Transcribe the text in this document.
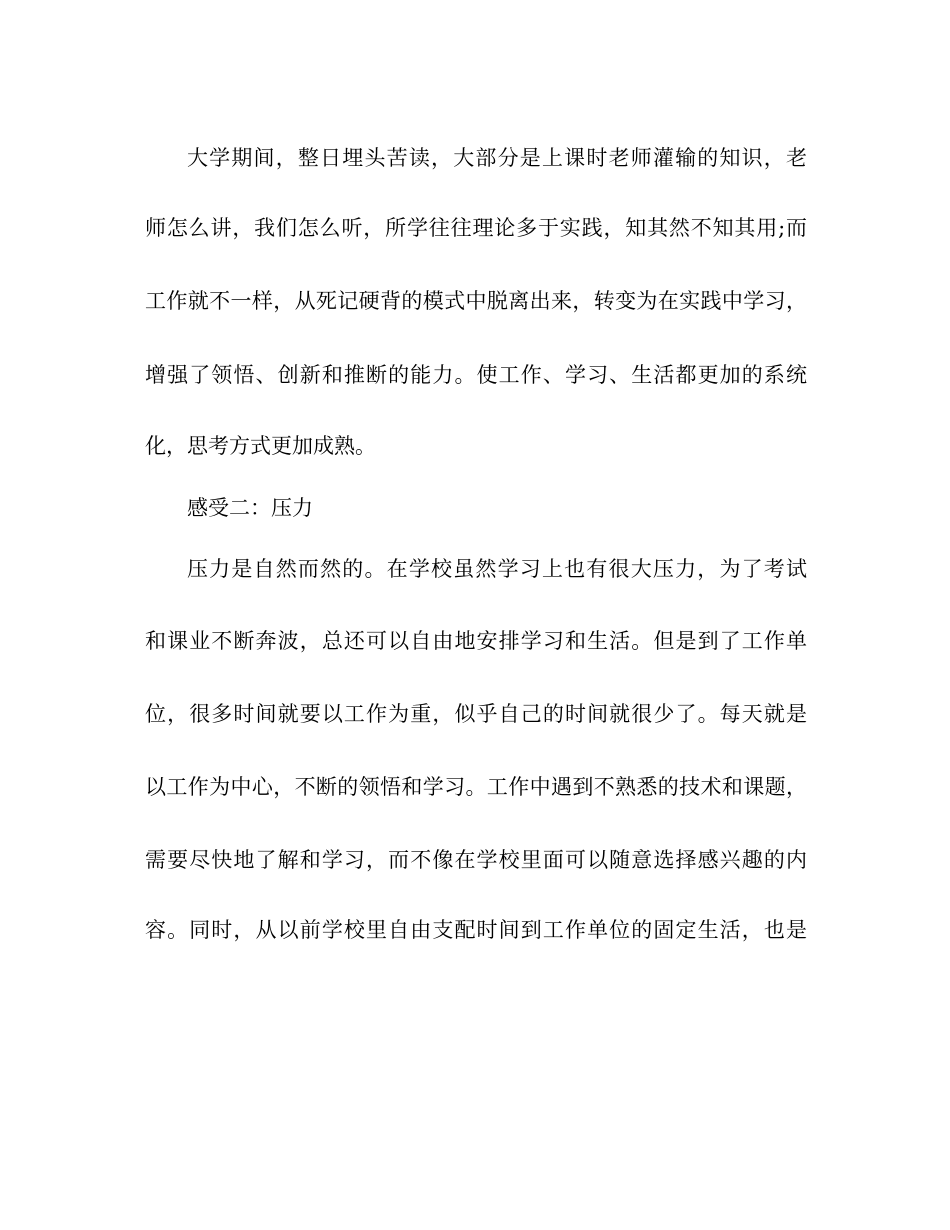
大学期间，整日埋头苦读，大部分是上课时老师灌输的知识，老
师怎么讲，我们怎么听，所学往往理论多于实践，知其然不知其用;而
工作就不一样，从死记硬背的模式中脱离出来，转变为在实践中学习，
增强了领悟、创新和推断的能力。使工作、学习、生活都更加的系统
化，思考方式更加成熟。
感受二：压力
压力是自然而然的。在学校虽然学习上也有很大压力，为了考试
和课业不断奔波，总还可以自由地安排学习和生活。但是到了工作单
位，很多时间就要以工作为重，似乎自己的时间就很少了。每天就是
以工作为中心，不断的领悟和学习。工作中遇到不熟悉的技术和课题，
需要尽快地了解和学习，而不像在学校里面可以随意选择感兴趣的内
容。同时，从以前学校里自由支配时间到工作单位的固定生活，也是
